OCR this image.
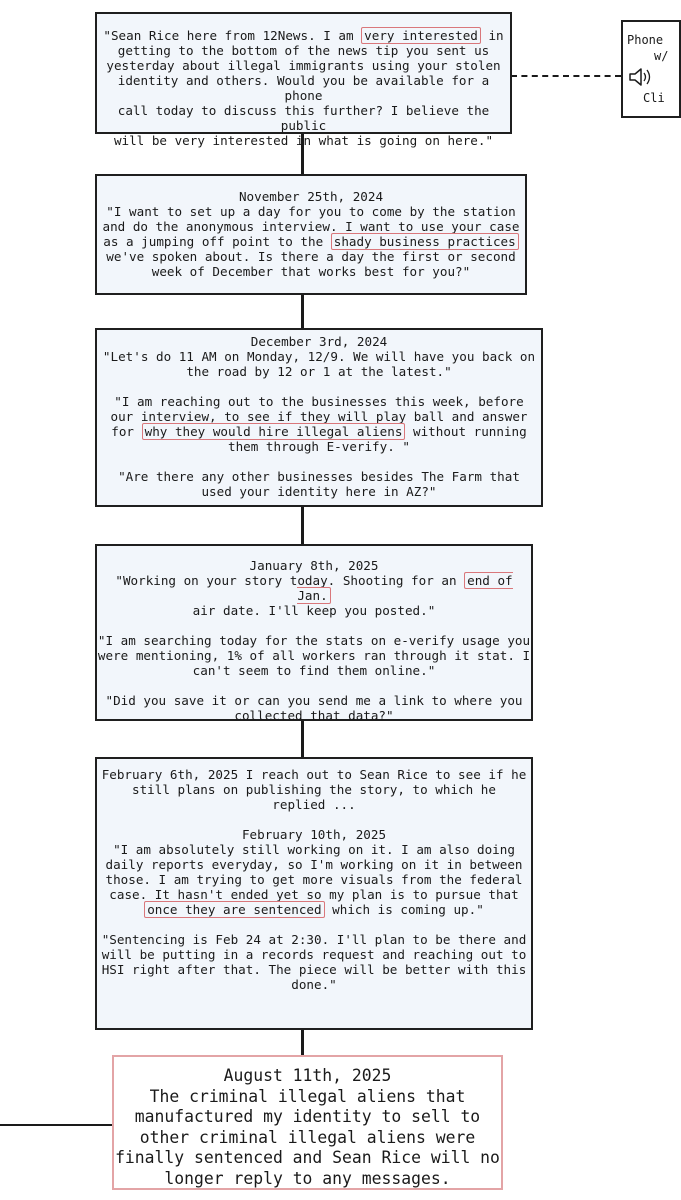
"Sean Rice here from 12News. I am very interested in

getting to the bottom of the news tip you sent us

yesterday about illegal immigrants using your stolen

identity and others. Would you be available for a phone

call today to discuss this further? I believe the public

will be very interested in what is going on here."

November 25th, 2024

"I want to set up a day for you to come by the station

and do the anonymous interview. I want to use your case

as a jumping off point to the shady business practices

we've spoken about. Is there a day the first or second

week of December that works best for you?"

December 3rd, 2024

"Let's do 11 AM on Monday, 12/9. We will have you back on

the road by 12 or 1 at the latest."

"I am reaching out to the businesses this week, before

our interview, to see if they will play ball and answer

for why they would hire illegal aliens without running

them through E-verify. "

"Are there any other businesses besides The Farm that

used your identity here in AZ?"

January 8th, 2025

"Working on your story today. Shooting for an end of Jan.

air date. I'll keep you posted."

"I am searching today for the stats on e-verify usage you

were mentioning, 1% of all workers ran through it stat. I

can't seem to find them online."

"Did you save it or can you send me a link to where you

collected that data?"

February 6th, 2025 I reach out to Sean Rice to see if he

still plans on publishing the story, to which he

replied ...

February 10th, 2025

"I am absolutely still working on it. I am also doing

daily reports everyday, so I'm working on it in between

those. I am trying to get more visuals from the federal

case. It hasn't ended yet so my plan is to pursue that

once they are sentenced which is coming up."

"Sentencing is Feb 24 at 2:30. I'll plan to be there and

will be putting in a records request and reaching out to

HSI right after that. The piece will be better with this

done."

Phone
w/
Cli

August 11th, 2025

The criminal illegal aliens that

manufactured my identity to sell to

other criminal illegal aliens were

finally sentenced and Sean Rice will no

longer reply to any messages.
